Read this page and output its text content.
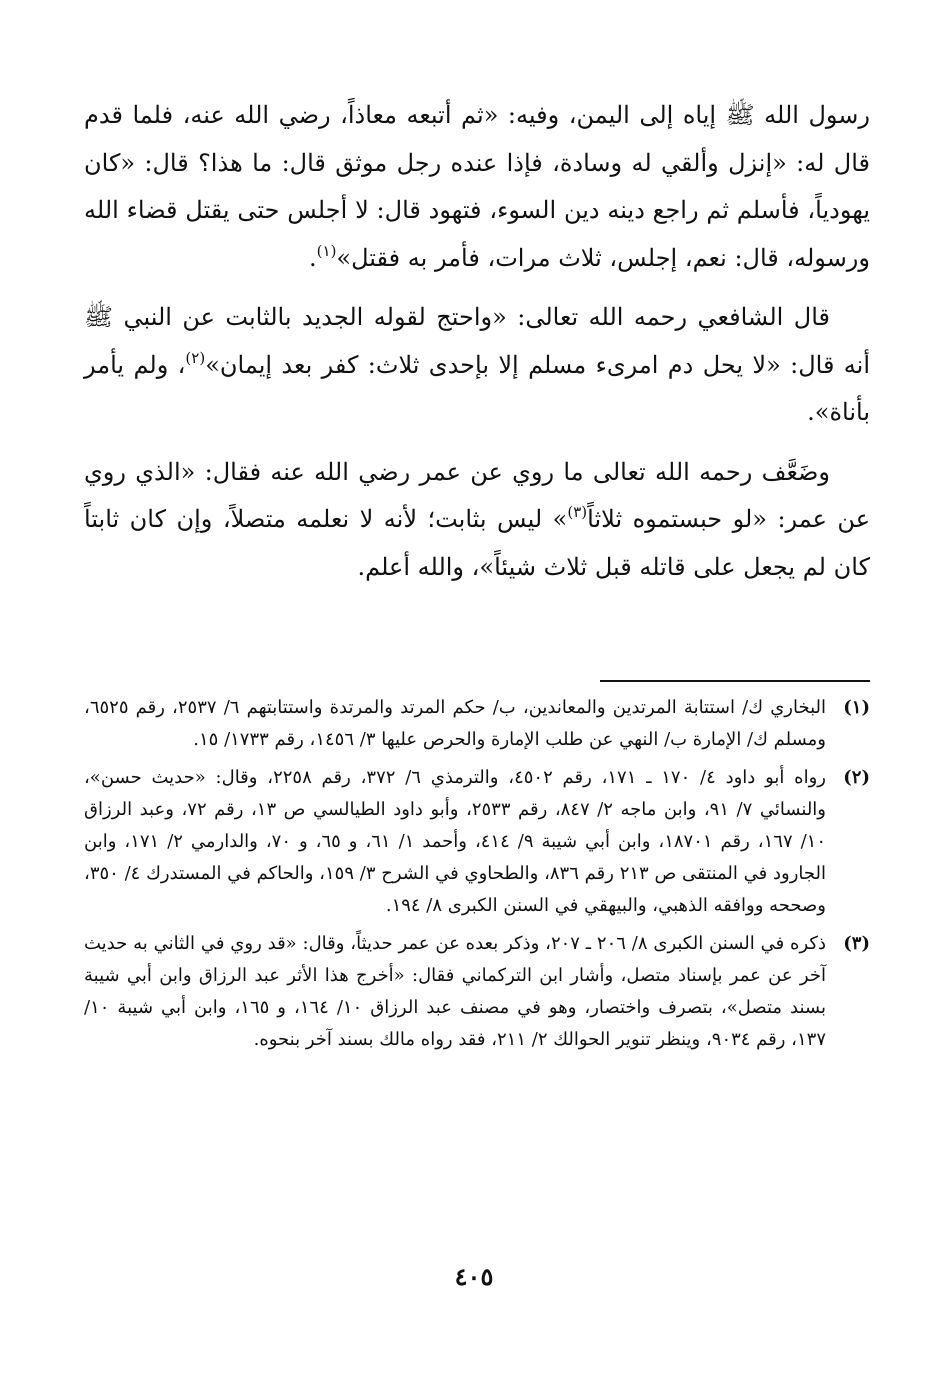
رسول الله ﷺ إياه إلى اليمن، وفيه: «ثم أتبعه معاذاً، رضي الله عنه، فلما قدم قال له: «إنزل وألقي له وسادة، فإذا عنده رجل موثق قال: ما هذا؟ قال: «كان يهودياً، فأسلم ثم راجع دينه دين السوء، فتهود قال: لا أجلس حتى يقتل قضاء الله ورسوله، قال: نعم، إجلس، ثلاث مرات، فأمر به فقتل»$^{(١)}$.

قال الشافعي رحمه الله تعالى: «واحتج لقوله الجديد بالثابت عن النبي ﷺ أنه قال: «لا يحل دم امرىء مسلم إلا بإحدى ثلاث: كفر بعد إيمان»$^{(٢)}$، ولم يأمر بأناة».

وضَعَّف رحمه الله تعالى ما روي عن عمر رضي الله عنه فقال: «الذي روي عن عمر: «لو حبستموه ثلاثاً$^{(٣)}$» ليس بثابت؛ لأنه لا نعلمه متصلاً، وإن كان ثابتاً كان لم يجعل على قاتله قبل ثلاث شيئاً»، والله أعلم.

(١)
البخاري ك/ استتابة المرتدين والمعاندين، ب/ حكم المرتد والمرتدة واستتابتهم ٦/ ٢٥٣٧، رقم ٦٥٢٥، ومسلم ك/ الإمارة ب/ النهي عن طلب الإمارة والحرص عليها ٣/ ١٤٥٦، رقم ١٧٣٣/ ١٥.
(٢)
رواه أبو داود ٤/ ١٧٠ ـ ١٧١، رقم ٤٥٠٢، والترمذي ٦/ ٣٧٢، رقم ٢٢٥٨، وقال: «حديث حسن»، والنسائي ٧/ ٩١، وابن ماجه ٢/ ٨٤٧، رقم ٢٥٣٣، وأبو داود الطيالسي ص ١٣، رقم ٧٢، وعبد الرزاق ١٠/ ١٦٧، رقم ١٨٧٠١، وابن أبي شيبة ٩/ ٤١٤، وأحمد ١/ ٦١، و ٦٥، و ٧٠، والدارمي ٢/ ١٧١، وابن الجارود في المنتقى ص ٢١٣ رقم ٨٣٦، والطحاوي في الشرح ٣/ ١٥٩، والحاكم في المستدرك ٤/ ٣٥٠، وصححه ووافقه الذهبي، والبيهقي في السنن الكبرى ٨/ ١٩٤.
(٣)
ذكره في السنن الكبرى ٨/ ٢٠٦ ـ ٢٠٧، وذكر بعده عن عمر حديثاً، وقال: «قد روي في الثاني به حديث آخر عن عمر بإسناد متصل، وأشار ابن التركماني فقال: «أخرج هذا الأثر عبد الرزاق وابن أبي شيبة بسند متصل»، بتصرف واختصار، وهو في مصنف عبد الرزاق ١٠/ ١٦٤، و ١٦٥، وابن أبي شيبة ١٠/ ١٣٧، رقم ٩٠٣٤، وينظر تنوير الحوالك ٢/ ٢١١، فقد رواه مالك بسند آخر بنحوه.
٤٠٥
